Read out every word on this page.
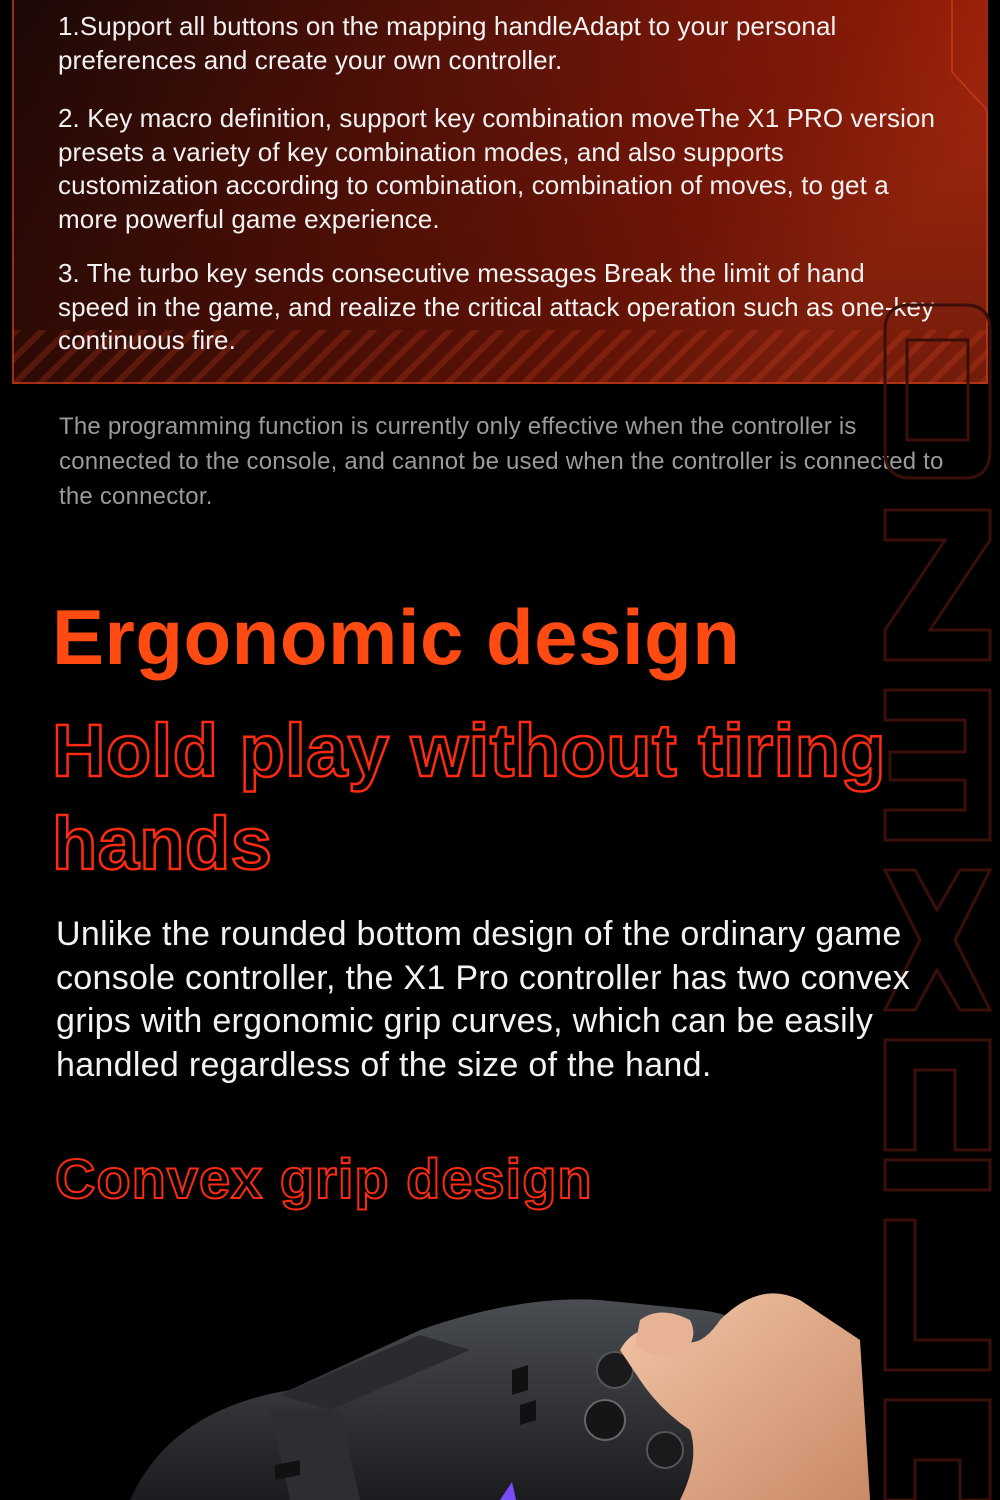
1.Support all buttons on the mapping handleAdapt to your personal preferences and create your own controller.
2. Key macro definition, support key combination moveThe X1 PRO version presets a variety of key combination modes, and also supports customization according to combination, combination of moves, to get a more powerful game experience.
3. The turbo key sends consecutive messages Break the limit of hand speed in the game, and realize the critical attack operation such as one-key continuous fire.
The programming function is currently only effective when the controller is connected to the console, and cannot be used when the controller is connected to the connector.
Ergonomic design
Hold play without tiring hands
Unlike the rounded bottom design of the ordinary game console controller, the X1 Pro controller has two convex grips with ergonomic grip curves, which can be easily handled regardless of the size of the hand.
Convex grip design
